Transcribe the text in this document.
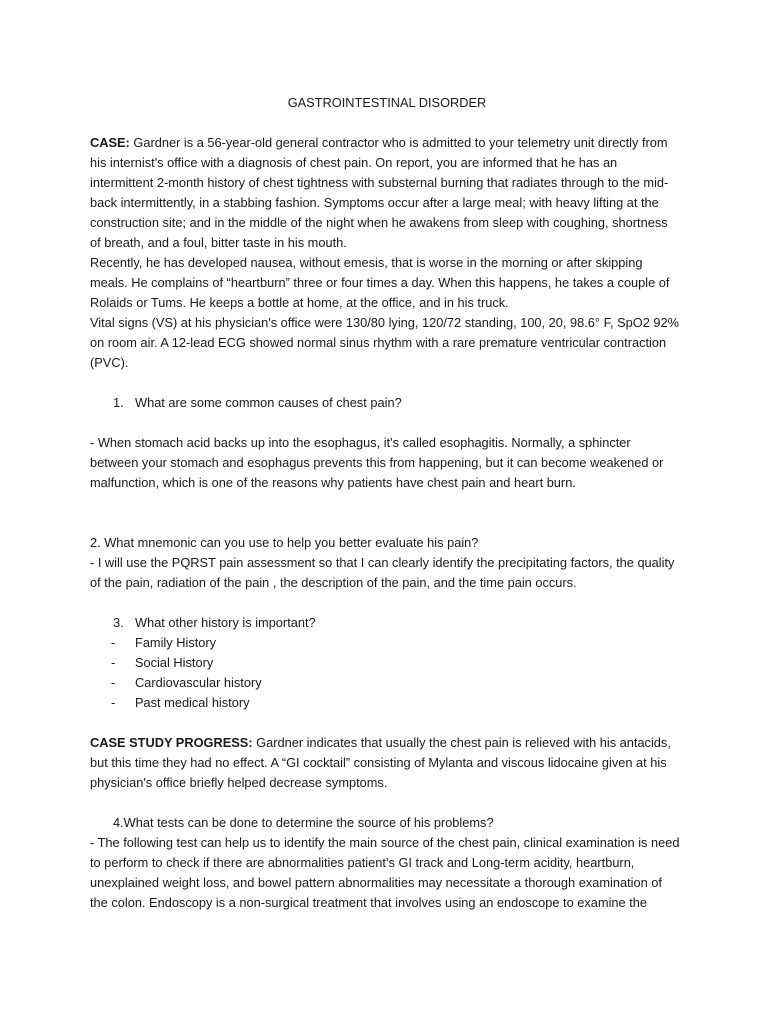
GASTROINTESTINAL DISORDER

CASE: Gardner is a 56-year-old general contractor who is admitted to your telemetry unit directly from his internist's office with a diagnosis of chest pain. On report, you are informed that he has an intermittent 2-month history of chest tightness with substernal burning that radiates through to the mid-back intermittently, in a stabbing fashion. Symptoms occur after a large meal; with heavy lifting at the construction site; and in the middle of the night when he awakens from sleep with coughing, shortness of breath, and a foul, bitter taste in his mouth.

Recently, he has developed nausea, without emesis, that is worse in the morning or after skipping meals. He complains of “heartburn” three or four times a day. When this happens, he takes a couple of Rolaids or Tums. He keeps a bottle at home, at the office, and in his truck.

Vital signs (VS) at his physician's office were 130/80 lying, 120/72 standing, 100, 20, 98.6° F, SpO2 92% on room air. A 12-lead ECG showed normal sinus rhythm with a rare premature ventricular contraction (PVC).

1. What are some common causes of chest pain?

- When stomach acid backs up into the esophagus, it's called esophagitis. Normally, a sphincter between your stomach and esophagus prevents this from happening, but it can become weakened or malfunction, which is one of the reasons why patients have chest pain and heart burn.

2. What mnemonic can you use to help you better evaluate his pain?

- I will use the PQRST pain assessment so that I can clearly identify the precipitating factors, the quality of the pain, radiation of the pain , the description of the pain, and the time pain occurs.

3. What other history is important?

- Family History

- Social History

- Cardiovascular history

- Past medical history

CASE STUDY PROGRESS: Gardner indicates that usually the chest pain is relieved with his antacids, but this time they had no effect. A “GI cocktail” consisting of Mylanta and viscous lidocaine given at his physician's office briefly helped decrease symptoms.

4.What tests can be done to determine the source of his problems?

- The following test can help us to identify the main source of the chest pain, clinical examination is need to perform to check if there are abnormalities patient’s GI track and Long-term acidity, heartburn, unexplained weight loss, and bowel pattern abnormalities may necessitate a thorough examination of the colon. Endoscopy is a non-surgical treatment that involves using an endoscope to examine the
